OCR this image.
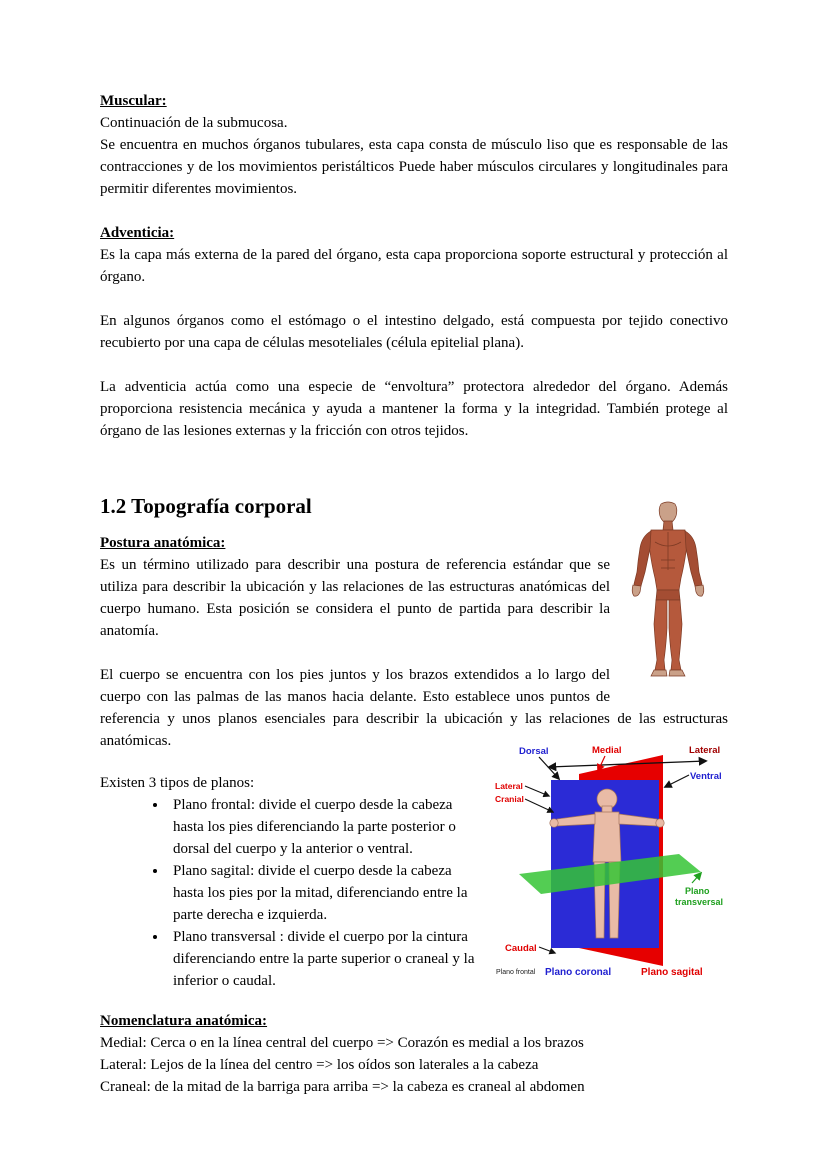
Muscular:

Continuación de la submucosa.

Se encuentra en muchos órganos tubulares, esta capa consta de músculo liso que es responsable de las contracciones y de los movimientos peristálticos Puede haber músculos circulares y longitudinales para permitir diferentes movimientos.

Adventicia:

Es la capa más externa de la pared del órgano, esta capa proporciona soporte estructural y protección al órgano.

En algunos órganos como el estómago o el intestino delgado, está compuesta por tejido conectivo recubierto por una capa de células mesoteliales (célula epitelial plana).

La adventicia actúa como una especie de “envoltura” protectora alrededor del órgano. Además proporciona resistencia mecánica y ayuda a mantener la forma y la integridad. También protege al órgano de las lesiones externas y la fricción con otros tejidos.

1.2 Topografía corporal
Postura anatómica:

Es un término utilizado para describir una postura de referencia estándar que se utiliza para describir la ubicación y las relaciones de las estructuras anatómicas del cuerpo humano. Esta posición se considera el punto de partida para describir la anatomía.

El cuerpo se encuentra con los pies juntos y los brazos extendidos a lo largo del cuerpo con las palmas de las manos hacia delante. Esto establece unos puntos de referencia y unos planos esenciales para describir la ubicación y las relaciones de las estructuras anatómicas.

Dorsal	Medial	Lateral
Ventral
Lateral
Cranial
Plano
transversal
Caudal
Plano frontal Plano coronal	Plano sagital

Existen 3 tipos de planos:

• Plano frontal: divide el cuerpo desde la cabeza hasta los pies diferenciando la parte posterior o dorsal del cuerpo y la anterior o ventral.
• Plano sagital: divide el cuerpo desde la cabeza hasta los pies por la mitad, diferenciando entre la parte derecha e izquierda.
• Plano transversal : divide el cuerpo por la cintura diferenciando entre la parte superior o craneal y la inferior o caudal.
Nomenclatura anatómica:

Medial: Cerca o en la línea central del cuerpo => Corazón es medial a los brazos

Lateral: Lejos de la línea del centro => los oídos son laterales a la cabeza

Craneal: de la mitad de la barriga para arriba => la cabeza es craneal al abdomen
